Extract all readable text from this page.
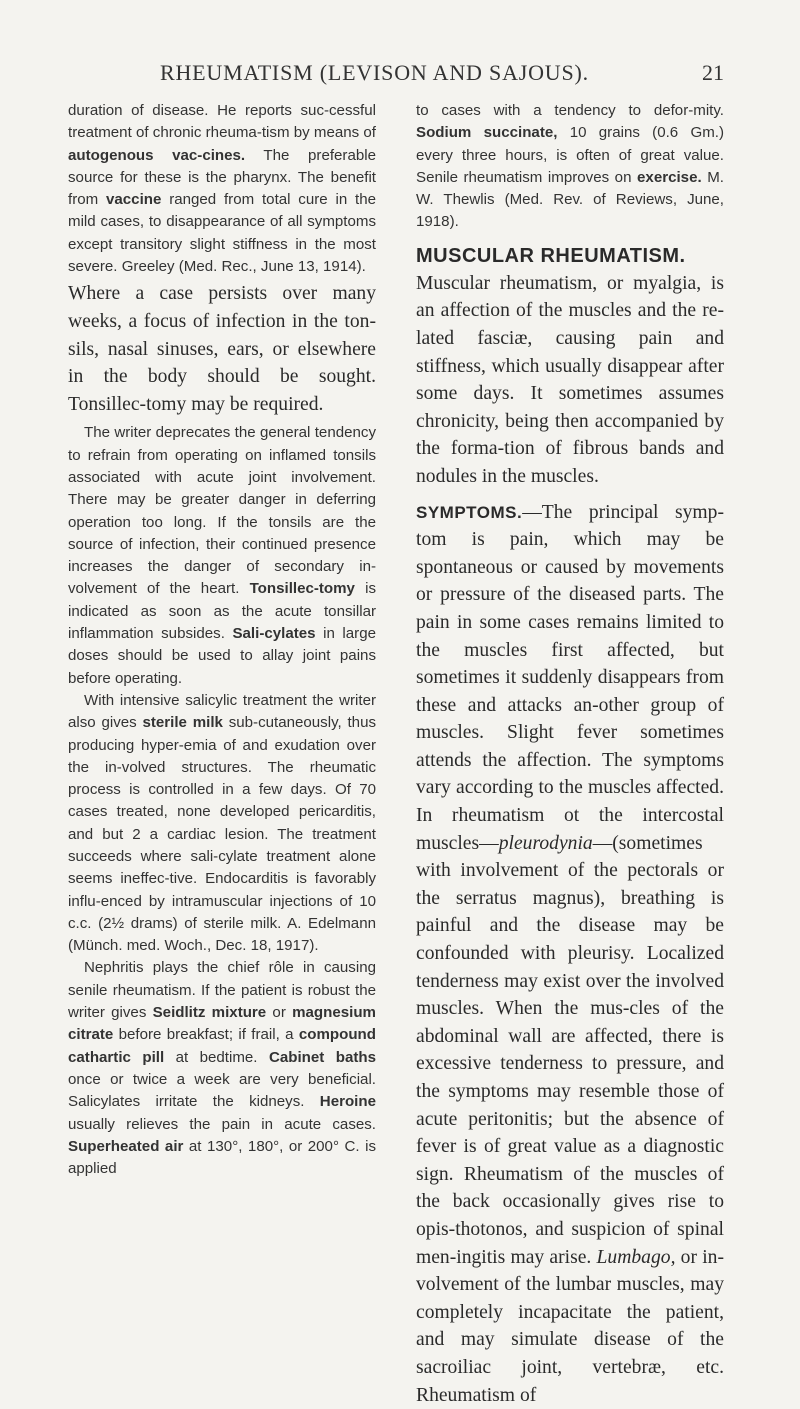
RHEUMATISM (LEVISON AND SAJOUS).	21

duration of disease. He reports suc-cessful treatment of chronic rheuma-tism by means of autogenous vac-cines. The preferable source for these is the pharynx. The benefit from vaccine ranged from total cure in the mild cases, to disappearance of all symptoms except transitory slight stiffness in the most severe. Greeley (Med. Rec., June 13, 1914).

Where a case persists over many weeks, a focus of infection in the ton-sils, nasal sinuses, ears, or elsewhere in the body should be sought. Tonsillec-tomy may be required.

The writer deprecates the general tendency to refrain from operating on inflamed tonsils associated with acute joint involvement. There may be greater danger in deferring operation too long. If the tonsils are the source of infection, their continued presence increases the danger of secondary in-volvement of the heart. Tonsillec-tomy is indicated as soon as the acute tonsillar inflammation subsides. Sali-cylates in large doses should be used to allay joint pains before operating.

With intensive salicylic treatment the writer also gives sterile milk sub-cutaneously, thus producing hyper-emia of and exudation over the in-volved structures. The rheumatic process is controlled in a few days. Of 70 cases treated, none developed pericarditis, and but 2 a cardiac lesion. The treatment succeeds where sali-cylate treatment alone seems ineffec-tive. Endocarditis is favorably influ-enced by intramuscular injections of 10 c.c. (2½ drams) of sterile milk. A. Edelmann (Münch. med. Woch., Dec. 18, 1917).

Nephritis plays the chief rôle in causing senile rheumatism. If the patient is robust the writer gives Seidlitz mixture or magnesium citrate before breakfast; if frail, a compound cathartic pill at bedtime. Cabinet baths once or twice a week are very beneficial. Salicylates irritate the kidneys. Heroine usually relieves the pain in acute cases. Superheated air at 130°, 180°, or 200° C. is applied

to cases with a tendency to defor-mity. Sodium succinate, 10 grains (0.6 Gm.) every three hours, is often of great value. Senile rheumatism improves on exercise. M. W. Thewlis (Med. Rev. of Reviews, June, 1918).

MUSCULAR RHEUMATISM.

Muscular rheumatism, or myalgia, is an affection of the muscles and the re-lated fasciæ, causing pain and stiffness, which usually disappear after some days. It sometimes assumes chronicity, being then accompanied by the forma-tion of fibrous bands and nodules in the muscles.

SYMPTOMS.—The principal symp-tom is pain, which may be spontaneous or caused by movements or pressure of the diseased parts. The pain in some cases remains limited to the muscles first affected, but sometimes it suddenly disappears from these and attacks an-other group of muscles. Slight fever sometimes attends the affection. The symptoms vary according to the muscles affected. In rheumatism ot the intercostal muscles—pleurodynia—(sometimes with involvement of the pectorals or the serratus magnus), breathing is painful and the disease may be confounded with pleurisy. Localized tenderness may exist over the involved muscles. When the mus-cles of the abdominal wall are affected, there is excessive tenderness to pressure, and the symptoms may resemble those of acute peritonitis; but the absence of fever is of great value as a diagnostic sign. Rheumatism of the muscles of the back occasionally gives rise to opis-thotonos, and suspicion of spinal men-ingitis may arise. Lumbago, or in-volvement of the lumbar muscles, may completely incapacitate the patient, and may simulate disease of the sacroiliac joint, vertebræ, etc. Rheumatism of
